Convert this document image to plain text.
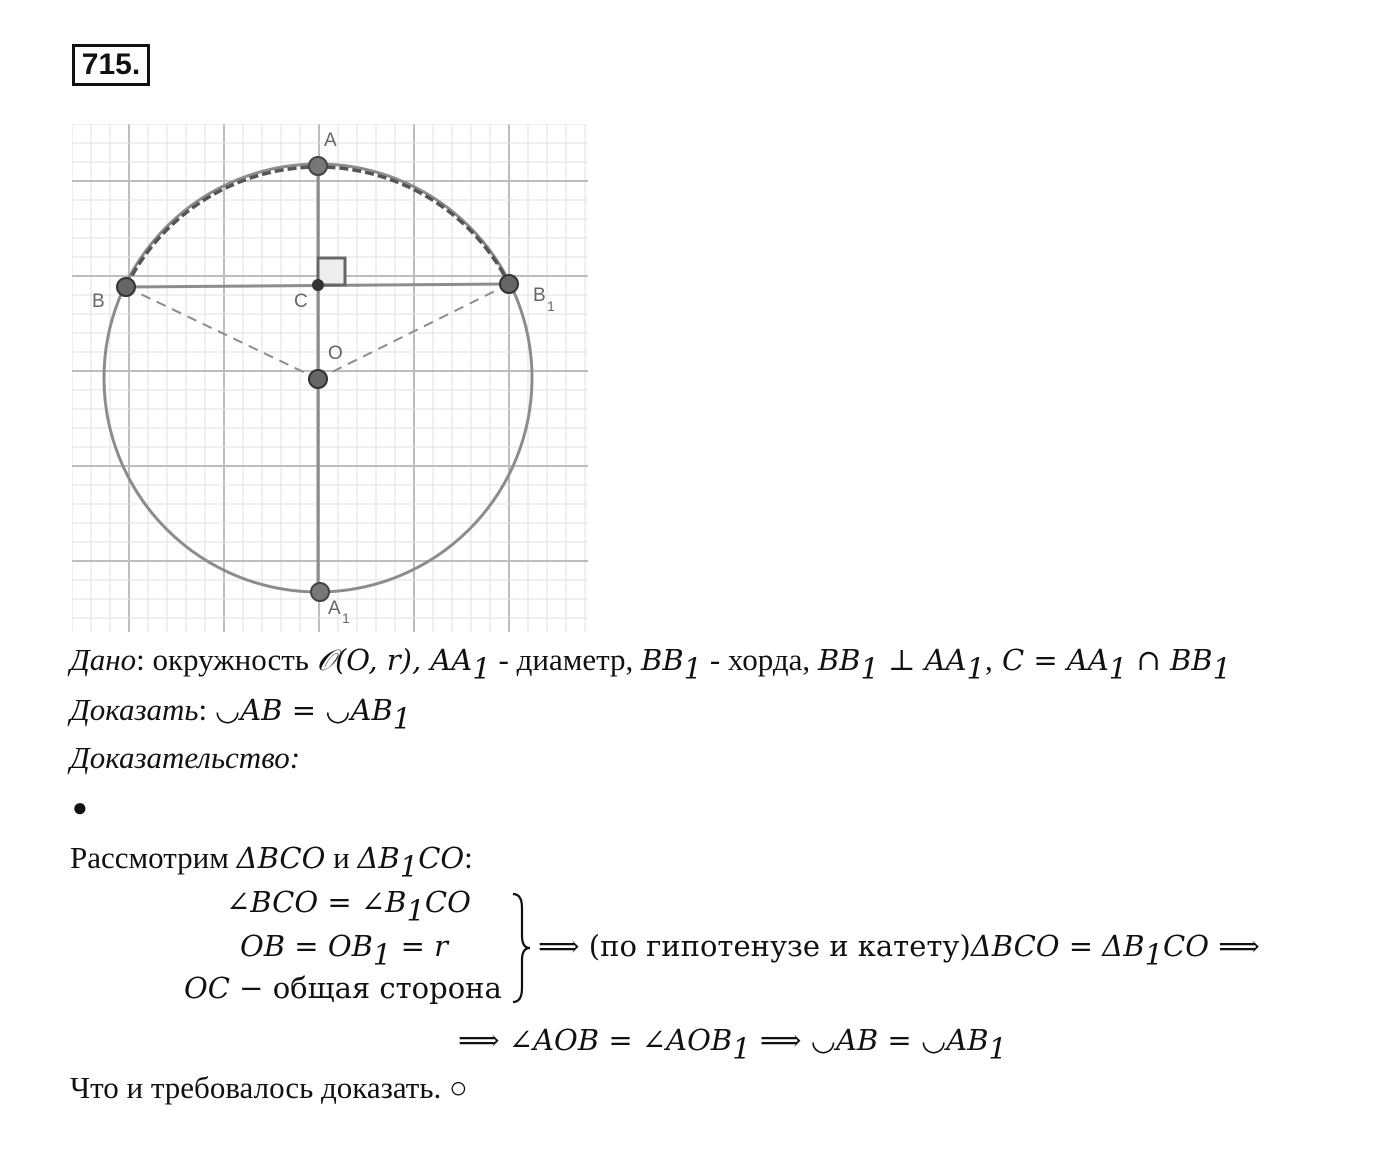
715.
A
B	C
O
B 1
A 1
Дано: окружность 𝒪(O, r), $AA_1$ - диаметр, $BB_1$ - хорда, $BB_1$ ⊥ $AA_1$, $C = AA_1$ ∩ $BB_1$
Доказать: ◡AB = $◡AB_1$
Доказательство:
●
Рассмотрим ΔBCO и $\Delta B_1CO$:
∠BCO = $\angle B_1CO$
OB = $OB_1 = r$
OC − общая сторона
⟹ (по гипотенузе и катету)ΔBCO = $\Delta B_1CO$ ⟹
⟹ ∠AOB = $\angle AOB_1$ ⟹ ◡AB = $◡AB_1$
Что и требовалось доказать. ○
